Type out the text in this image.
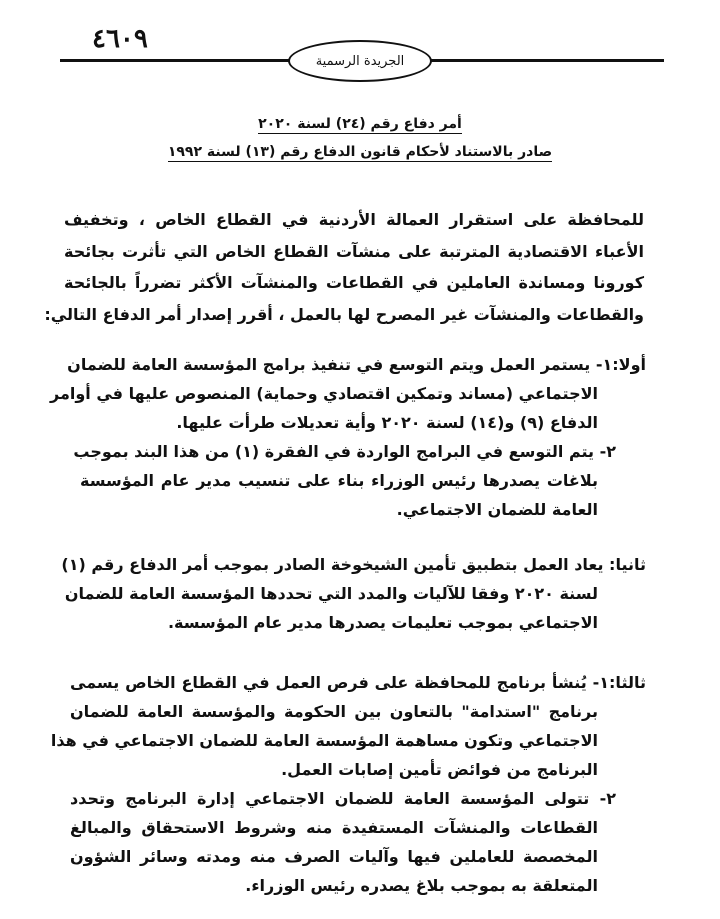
٤٦٠٩
الجريدة الرسمية
أمر دفاع رقم (٢٤) لسنة ٢٠٢٠
صادر بالاستناد لأحكام قانون الدفاع رقم (١٣) لسنة ١٩٩٢
للمحافظة على استقرار العمالة الأردنية في القطاع الخاص ، وتخفيف
الأعباء الاقتصادية المترتبة على منشآت القطاع الخاص التي تأثرت بجائحة
كورونا ومساندة العاملين في القطاعات والمنشآت الأكثر تضرراً بالجائحة
والقطاعات والمنشآت غير المصرح لها بالعمل ، أقرر إصدار أمر الدفاع التالي:
أولا:١- يستمر العمل ويتم التوسع في تنفيذ برامج المؤسسة العامة للضمان
الاجتماعي (مساند وتمكين اقتصادي وحماية) المنصوص عليها في أوامر
الدفاع (٩) و(١٤) لسنة ٢٠٢٠ وأية تعديلات طرأت عليها.
٢- يتم التوسع في البرامج الواردة في الفقرة (١) من هذا البند بموجب
بلاغات يصدرها رئيس الوزراء بناء على تنسيب مدير عام المؤسسة
العامة للضمان الاجتماعي.
ثانيا: يعاد العمل بتطبيق تأمين الشيخوخة الصادر بموجب أمر الدفاع رقم (١)
لسنة ٢٠٢٠ وفقا للآليات والمدد التي تحددها المؤسسة العامة للضمان
الاجتماعي بموجب تعليمات يصدرها مدير عام المؤسسة.
ثالثا:١- يُنشأ برنامج للمحافظة على فرص العمل في القطاع الخاص يسمى
برنامج "استدامة" بالتعاون بين الحكومة والمؤسسة العامة للضمان
الاجتماعي وتكون مساهمة المؤسسة العامة للضمان الاجتماعي في هذا
البرنامج من فوائض تأمين إصابات العمل.
٢- تتولى المؤسسة العامة للضمان الاجتماعي إدارة البرنامج وتحدد
القطاعات والمنشآت المستفيدة منه وشروط الاستحقاق والمبالغ
المخصصة للعاملين فيها وآليات الصرف منه ومدته وسائر الشؤون
المتعلقة به بموجب بلاغ يصدره رئيس الوزراء.
